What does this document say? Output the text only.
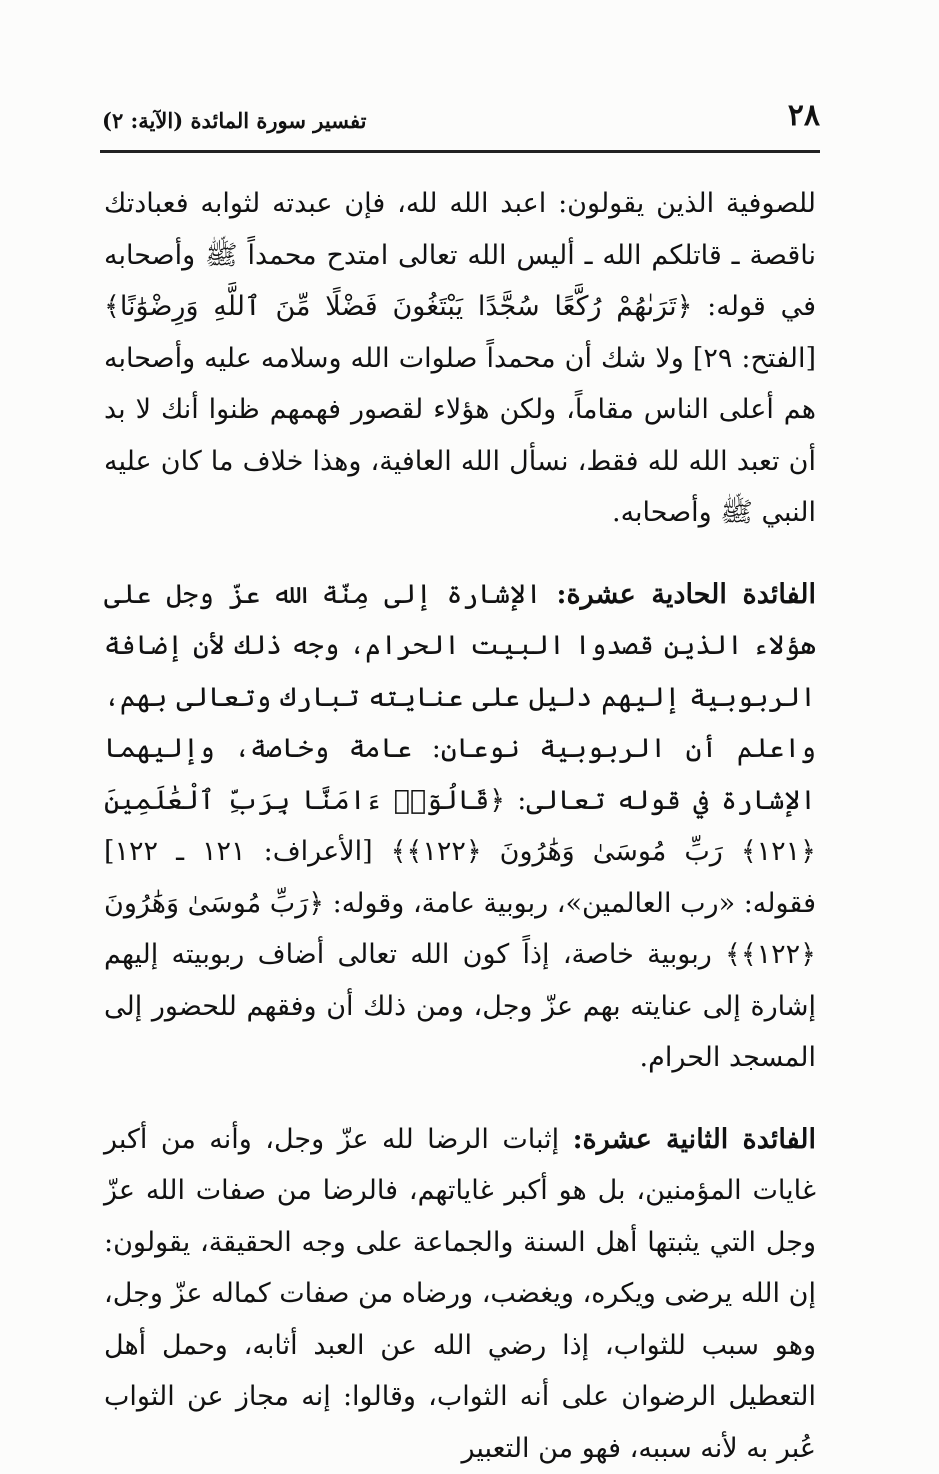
٢٨
تفسير سورة المائدة (الآية: ٢)

للصوفية الذين يقولون: اعبد الله لله، فإن عبدته لثوابه فعبادتك ناقصة ـ قاتلكم الله ـ أليس الله تعالى امتدح محمداً ﷺ وأصحابه في قوله: ﴿تَرَىٰهُمْ رُكَّعًا سُجَّدًا يَبْتَغُونَ فَضْلًا مِّنَ ٱللَّهِ وَرِضْوَٰنًا﴾ [الفتح: ٢٩] ولا شك أن محمداً صلوات الله وسلامه عليه وأصحابه هم أعلى الناس مقاماً، ولكن هؤلاء لقصور فهمهم ظنوا أنك لا بد أن تعبد الله لله فقط، نسأل الله العافية، وهذا خلاف ما كان عليه النبي ﷺ وأصحابه.

الفائدة الحادية عشرة: الإشارة إلى مِنّة الله عزّ وجل على هؤلاء الذين قصدوا البيت الحرام، وجه ذلك لأن إضافة الربوبية إليهم دليل على عنايته تبارك وتعالى بهم، واعلم أن الربوبية نوعان: عامة وخاصة، وإليهما الإشارة في قوله تعالى: ﴿قَالُوٓا۟ ءَامَنَّا بِرَبِّ ٱلْعَٰلَمِينَ ﴿١٢١﴾ رَبِّ مُوسَىٰ وَهَٰرُونَ ﴿١٢٢﴾﴾ [الأعراف: ١٢١ ـ ١٢٢] فقوله: «رب العالمين»، ربوبية عامة، وقوله: ﴿رَبِّ مُوسَىٰ وَهَٰرُونَ ﴿١٢٢﴾﴾ ربوبية خاصة، إذاً كون الله تعالى أضاف ربوبيته إليهم إشارة إلى عنايته بهم عزّ وجل، ومن ذلك أن وفقهم للحضور إلى المسجد الحرام.

الفائدة الثانية عشرة: إثبات الرضا لله عزّ وجل، وأنه من أكبر غايات المؤمنين، بل هو أكبر غاياتهم، فالرضا من صفات الله عزّ وجل التي يثبتها أهل السنة والجماعة على وجه الحقيقة، يقولون: إن الله يرضى ويكره، ويغضب، ورضاه من صفات كماله عزّ وجل، وهو سبب للثواب، إذا رضي الله عن العبد أثابه، وحمل أهل التعطيل الرضوان على أنه الثواب، وقالوا: إنه مجاز عن الثواب عُبر به لأنه سببه، فهو من التعبير
